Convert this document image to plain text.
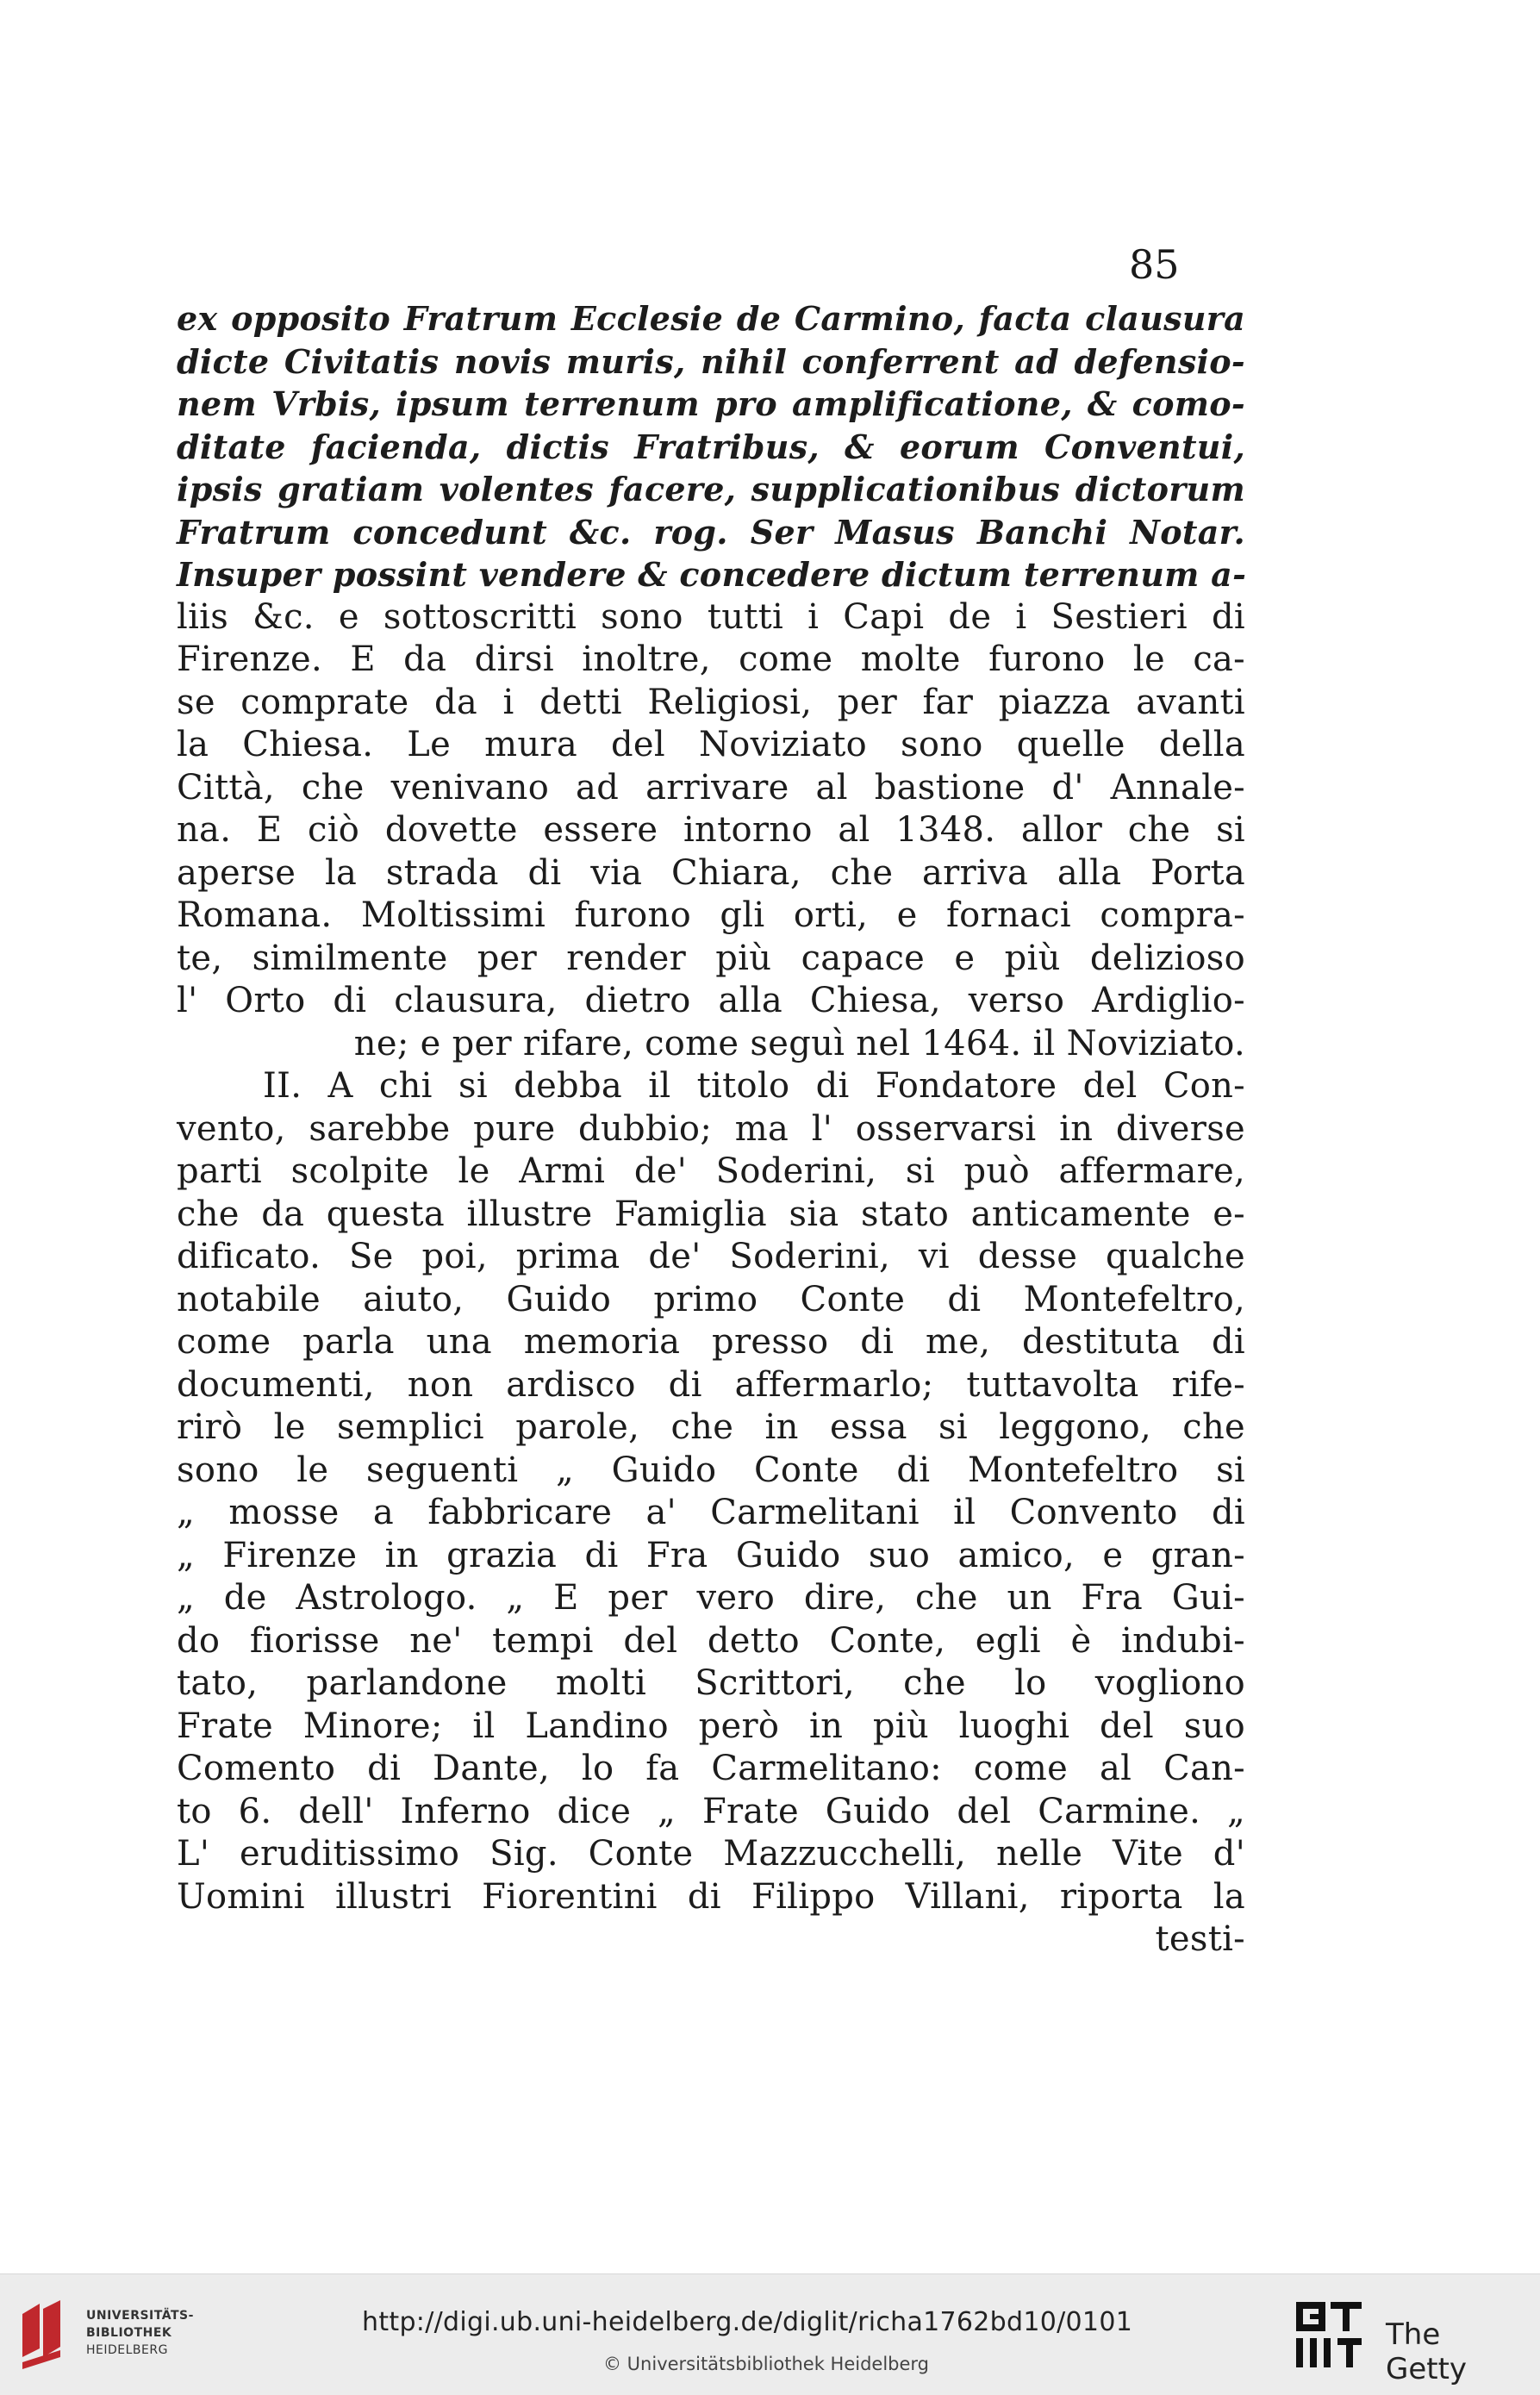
85
ex opposito Fratrum Ecclesie de Carmino, facta clausura
dicte Civitatis novis muris, nihil conferrent ad defensio-
nem Vrbis, ipsum terrenum pro amplificatione, & como-
ditate facienda, dictis Fratribus, & eorum Conventui,
ipsis gratiam volentes facere, supplicationibus dictorum
Fratrum concedunt &c. rog. Ser Masus Banchi Notar.
Insuper possint vendere & concedere dictum terrenum a-
liis &c. e sottoscritti sono tutti i Capi de i Sestieri di
Firenze. E da dirsi inoltre, come molte furono le ca-
se comprate da i detti Religiosi, per far piazza avanti
la Chiesa. Le mura del Noviziato sono quelle della
Città, che venivano ad arrivare al bastione d' Annale-
na. E ciò dovette essere intorno al 1348. allor che si
aperse la strada di via Chiara, che arriva alla Porta
Romana. Moltissimi furono gli orti, e fornaci compra-
te, similmente per render più capace e più delizioso
l' Orto di clausura, dietro alla Chiesa, verso Ardiglio-
ne; e per rifare, come seguì nel 1464. il Noviziato.
II. A chi si debba il titolo di Fondatore del Con-
vento, sarebbe pure dubbio; ma l' osservarsi in diverse
parti scolpite le Armi de' Soderini, si può affermare,
che da questa illustre Famiglia sia stato anticamente e-
dificato. Se poi, prima de' Soderini, vi desse qualche
notabile aiuto, Guido primo Conte di Montefeltro,
come parla una memoria presso di me, destituta di
documenti, non ardisco di affermarlo; tuttavolta rife-
rirò le semplici parole, che in essa si leggono, che
sono le seguenti „ Guido Conte di Montefeltro si
„ mosse a fabbricare a' Carmelitani il Convento di
„ Firenze in grazia di Fra Guido suo amico, e gran-
„ de Astrologo. „ E per vero dire, che un Fra Gui-
do fiorisse ne' tempi del detto Conte, egli è indubi-
tato, parlandone molti Scrittori, che lo vogliono
Frate Minore; il Landino però in più luoghi del suo
Comento di Dante, lo fa Carmelitano: come al Can-
to 6. dell' Inferno dice „ Frate Guido del Carmine. „
L' eruditissimo Sig. Conte Mazzucchelli, nelle Vite d'
Uomini illustri Fiorentini di Filippo Villani, riporta la
testi-
UNIVERSITÄTS-
BIBLIOTHEK
HEIDELBERG
http://digi.ub.uni-heidelberg.de/diglit/richa1762bd10/0101
© Universitätsbibliothek Heidelberg
The Getty
